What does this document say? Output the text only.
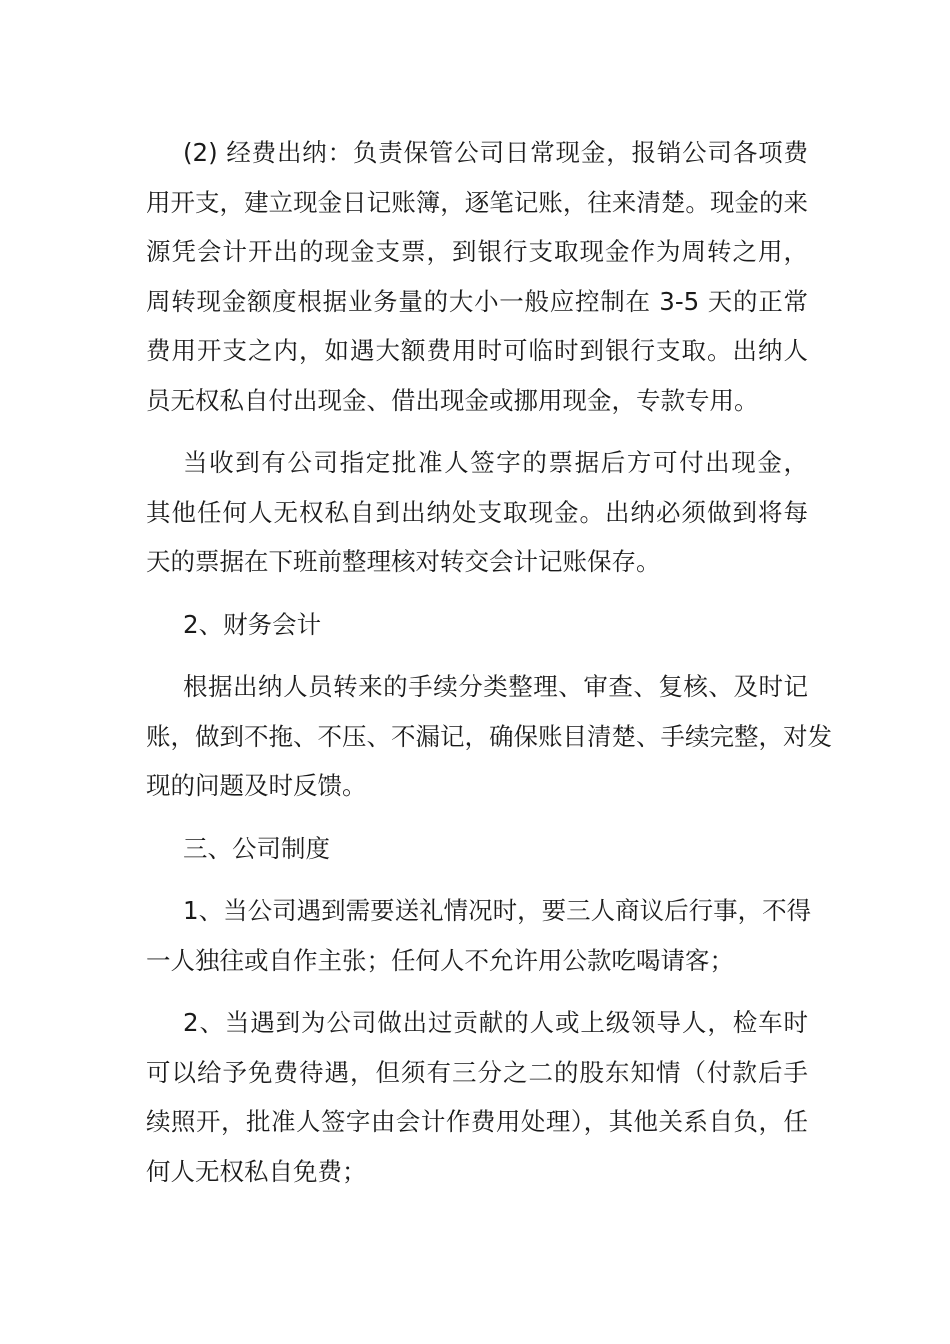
(2) 经费出纳：负责保管公司日常现金，报销公司各项费
用开支，建立现金日记账簿，逐笔记账，往来清楚。现金的来
源凭会计开出的现金支票，到银行支取现金作为周转之用，
周转现金额度根据业务量的大小一般应控制在 3-5 天的正常
费用开支之内，如遇大额费用时可临时到银行支取。出纳人
员无权私自付出现金、借出现金或挪用现金，专款专用。
当收到有公司指定批准人签字的票据后方可付出现金，
其他任何人无权私自到出纳处支取现金。出纳必须做到将每
天的票据在下班前整理核对转交会计记账保存。
2、财务会计
根据出纳人员转来的手续分类整理、审查、复核、及时记
账，做到不拖、不压、不漏记，确保账目清楚、手续完整，对发
现的问题及时反馈。
三、公司制度
1、当公司遇到需要送礼情况时，要三人商议后行事，不得
一人独往或自作主张；任何人不允许用公款吃喝请客；
2、当遇到为公司做出过贡献的人或上级领导人，检车时
可以给予免费待遇，但须有三分之二的股东知情（付款后手
续照开，批准人签字由会计作费用处理），其他关系自负，任
何人无权私自免费；
